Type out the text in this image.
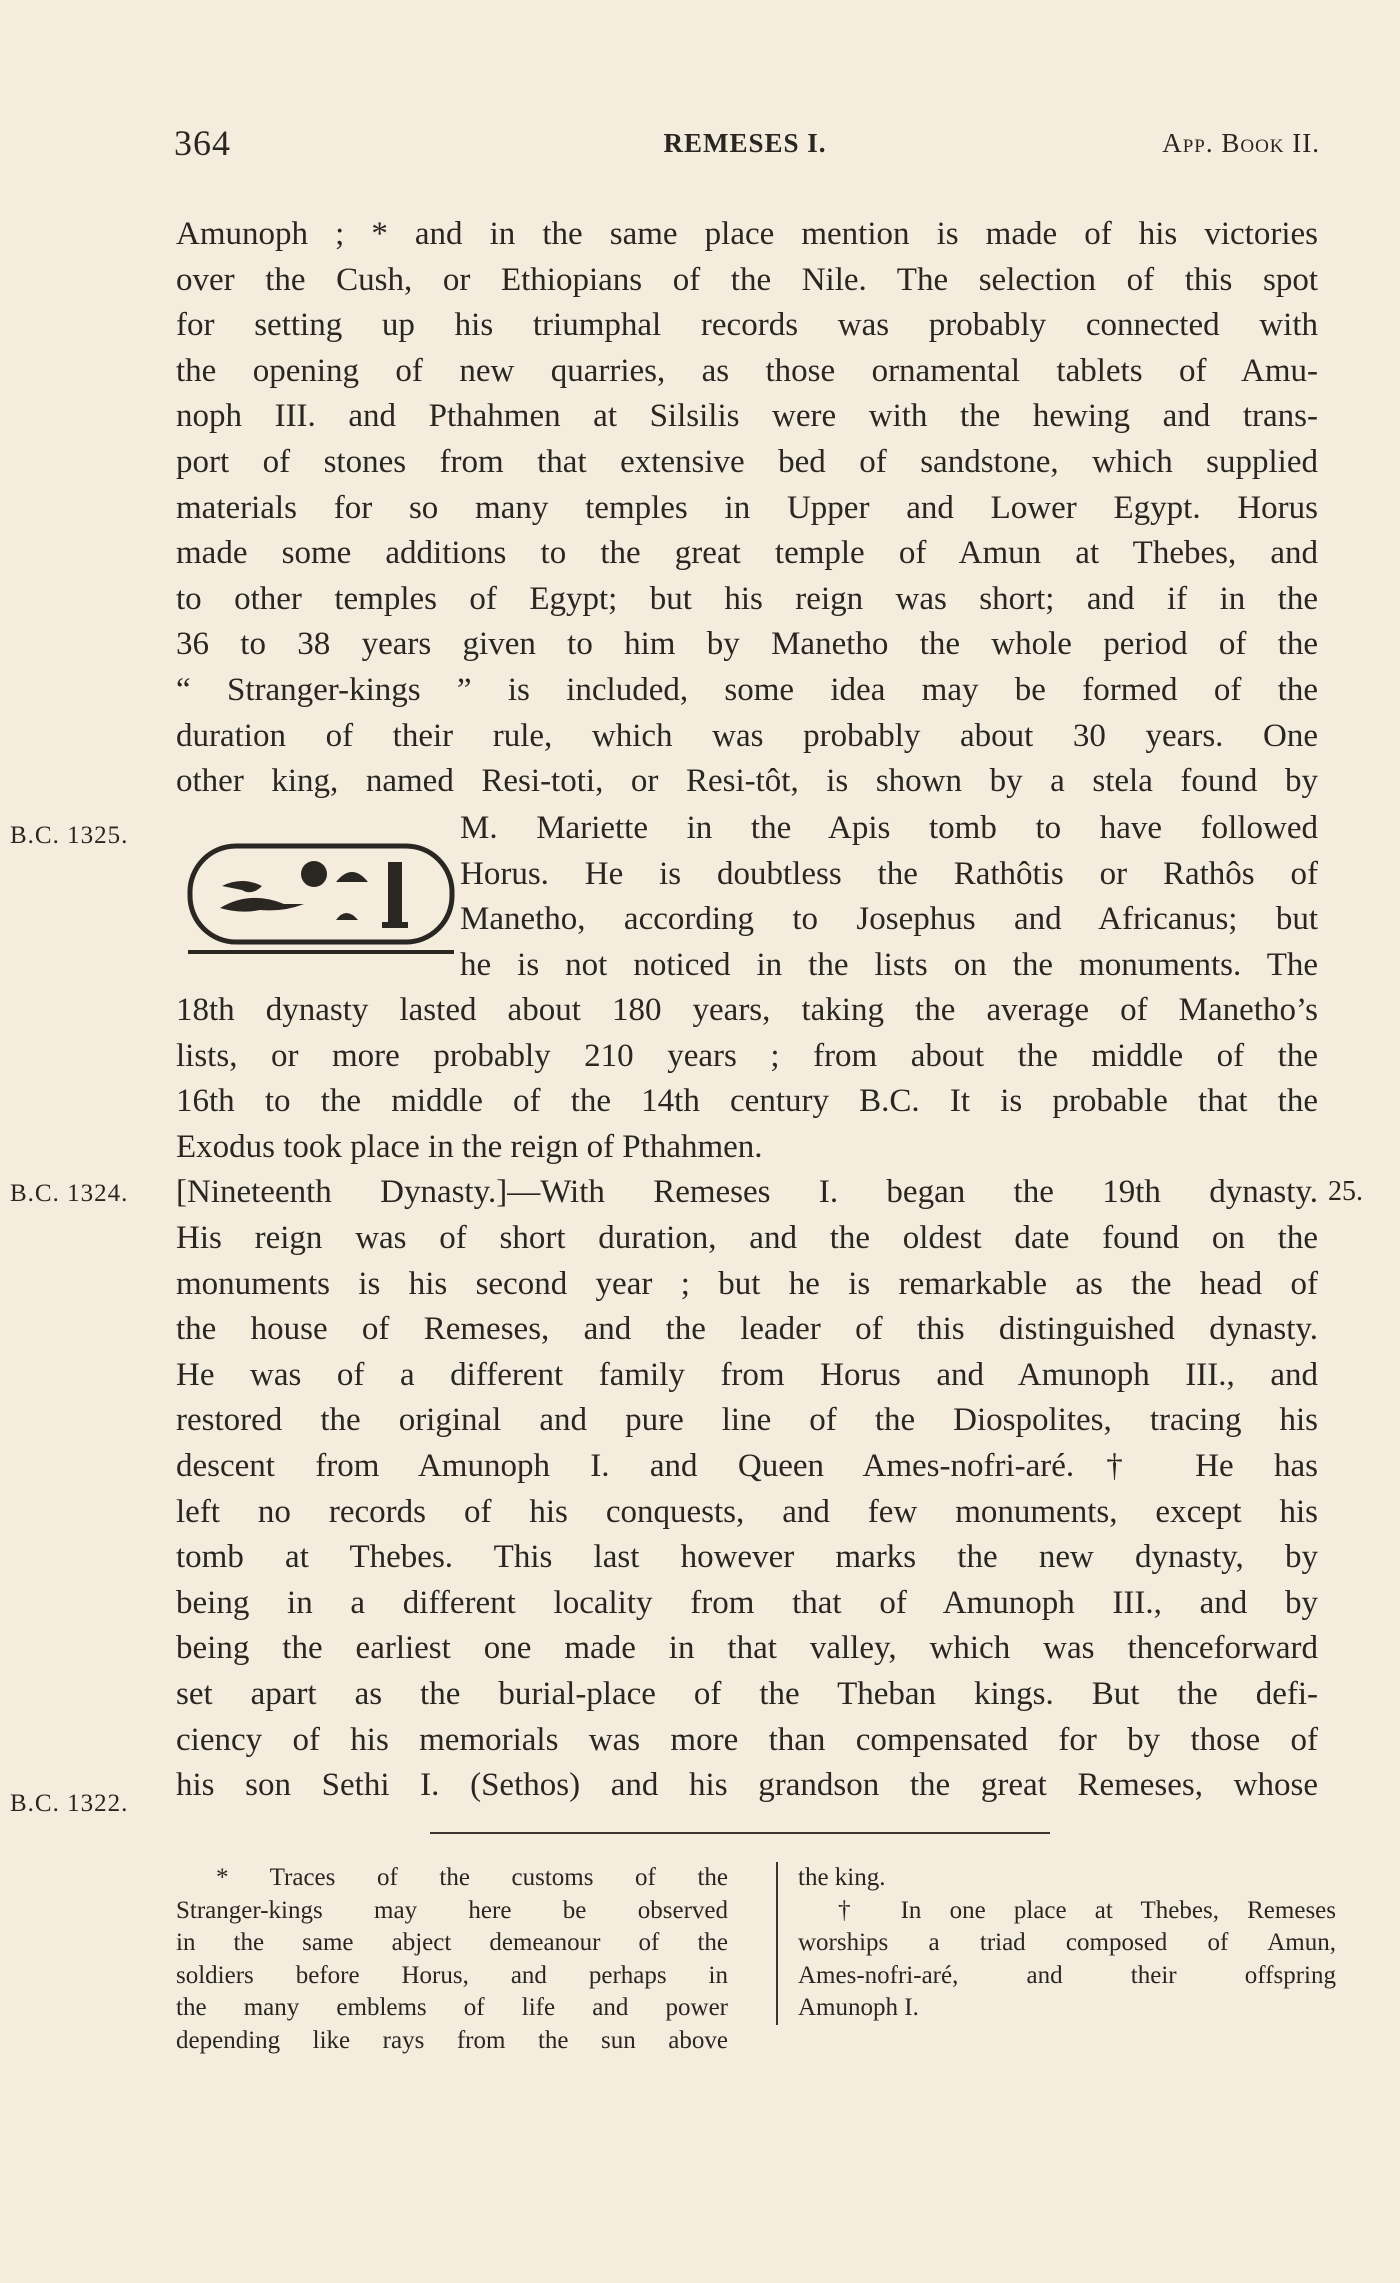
364	REMESES I.	App. Book II.
Amunoph ; * and in the same place mention is made of his victories
over the Cush, or Ethiopians of the Nile. The selection of this spot
for setting up his triumphal records was probably connected with
the opening of new quarries, as those ornamental tablets of Amu-
noph III. and Pthahmen at Silsilis were with the hewing and trans-
port of stones from that extensive bed of sandstone, which supplied
materials for so many temples in Upper and Lower Egypt. Horus
made some additions to the great temple of Amun at Thebes, and
to other temples of Egypt; but his reign was short; and if in the
36 to 38 years given to him by Manetho the whole period of the
“ Stranger-kings ” is included, some idea may be formed of the
duration of their rule, which was probably about 30 years. One
other king, named Resi-toti, or Resi-tôt, is shown by a stela found by
B.C. 1325.	M. Mariette in the Apis tomb to have followed
Horus. He is doubtless the Rathôtis or Rathôs of
Manetho, according to Josephus and Africanus; but
he is not noticed in the lists on the monuments. The
18th dynasty lasted about 180 years, taking the average of Manetho’s
lists, or more probably 210 years ; from about the middle of the
16th to the middle of the 14th century B.C. It is probable that the
Exodus took place in the reign of Pthahmen.
[Nineteenth Dynasty.]—With Remeses I. began the 19th dynasty.
His reign was of short duration, and the oldest date found on the
monuments is his second year ; but he is remarkable as the head of
the house of Remeses, and the leader of this distinguished dynasty.
He was of a different family from Horus and Amunoph III., and
restored the original and pure line of the Diospolites, tracing his
descent from Amunoph I. and Queen Ames-nofri-aré.† He has
left no records of his conquests, and few monuments, except his
tomb at Thebes. This last however marks the new dynasty, by
being in a different locality from that of Amunoph III., and by
being the earliest one made in that valley, which was thenceforward
set apart as the burial-place of the Theban kings. But the defi-
ciency of his memorials was more than compensated for by those of
his son Sethi I. (Sethos) and his grandson the great Remeses, whose
B.C. 1324.	25.
B.C. 1322.
* Traces of the customs of the
Stranger-kings may here be observed
in the same abject demeanour of the
soldiers before Horus, and perhaps in
the many emblems of life and power
depending like rays from the sun above
the king.
† In one place at Thebes, Remeses
worships a triad composed of Amun,
Ames-nofri-aré, and their offspring
Amunoph I.
